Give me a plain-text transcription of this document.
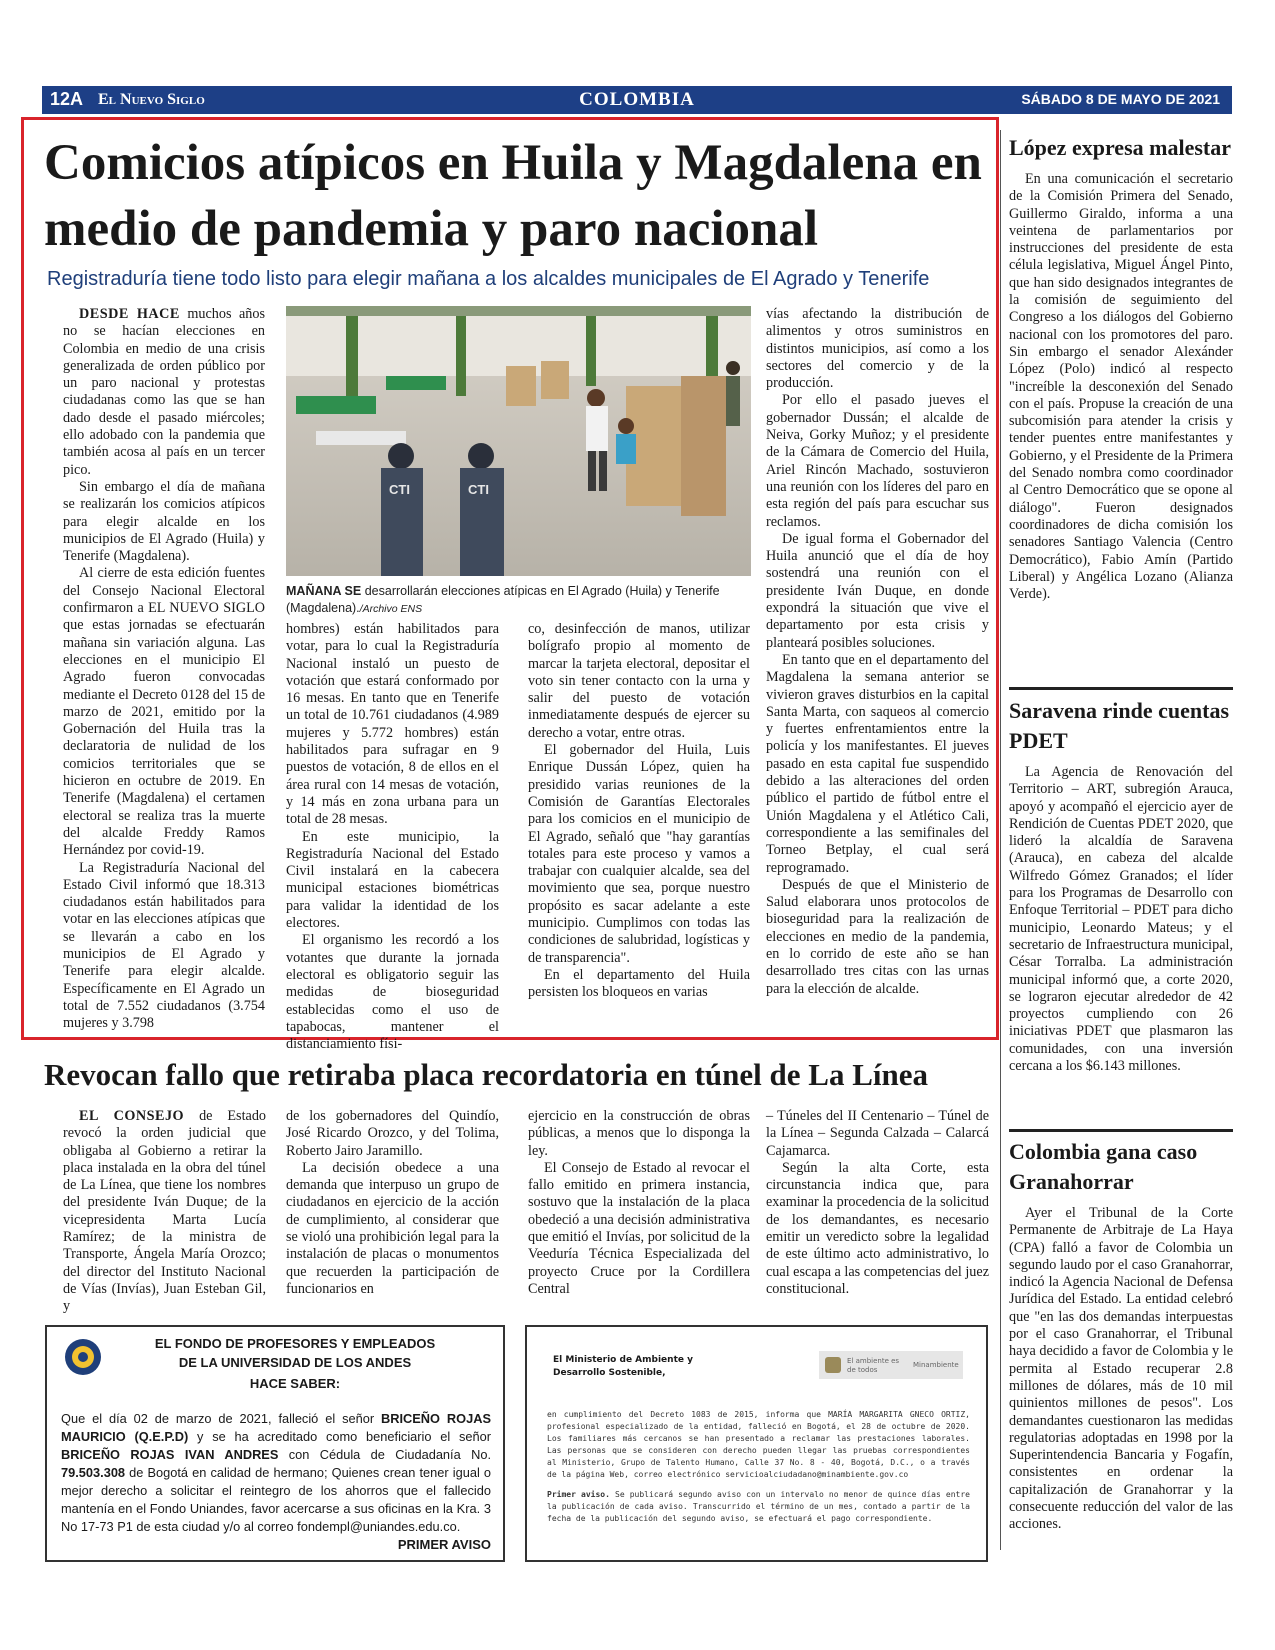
12A El Nuevo Siglo	COLOMBIA	SÁBADO 8 DE MAYO DE 2021
Comicios atípicos en Huila y Magdalena en medio de pandemia y paro nacional
Registraduría tiene todo listo para elegir mañana a los alcaldes municipales de El Agrado y Tenerife

DESDE HACE muchos años no se hacían elecciones en Colombia en medio de una crisis generalizada de orden público por un paro nacional y protestas ciudadanas como las que se han dado desde el pasado miércoles; ello adobado con la pandemia que también acosa al país en un tercer pico.

Sin embargo el día de mañana se realizarán los comicios atípicos para elegir alcalde en los municipios de El Agrado (Huila) y Tenerife (Magdalena).

Al cierre de esta edición fuentes del Consejo Nacional Electoral confirmaron a EL NUEVO SIGLO que estas jornadas se efectuarán mañana sin variación alguna. Las elecciones en el municipio El Agrado fueron convocadas mediante el Decreto 0128 del 15 de marzo de 2021, emitido por la Gobernación del Huila tras la declaratoria de nulidad de los comicios territoriales que se hicieron en octubre de 2019. En Tenerife (Magdalena) el certamen electoral se realiza tras la muerte del alcalde Freddy Ramos Hernández por covid-19.

La Registraduría Nacional del Estado Civil informó que 18.313 ciudadanos están habilitados para votar en las elecciones atípicas que se llevarán a cabo en los municipios de El Agrado y Tenerife para elegir alcalde. Específicamente en El Agrado un total de 7.552 ciudadanos (3.754 mujeres y 3.798

CTI	CTI
MAÑANA SE desarrollarán elecciones atípicas en El Agrado (Huila) y Tenerife (Magdalena)./Archivo ENS

hombres) están habilitados para votar, para lo cual la Registraduría Nacional instaló un puesto de votación que estará conformado por 16 mesas. En tanto que en Tenerife un total de 10.761 ciudadanos (4.989 mujeres y 5.772 hombres) están habilitados para sufragar en 9 puestos de votación, 8 de ellos en el área rural con 14 mesas de votación, y 14 más en zona urbana para un total de 28 mesas.

En este municipio, la Registraduría Nacional del Estado Civil instalará en la cabecera municipal estaciones biométricas para validar la identidad de los electores.

El organismo les recordó a los votantes que durante la jornada electoral es obligatorio seguir las medidas de bioseguridad establecidas como el uso de tapabocas, mantener el distanciamiento físi-

co, desinfección de manos, utilizar bolígrafo propio al momento de marcar la tarjeta electoral, depositar el voto sin tener contacto con la urna y salir del puesto de votación inmediatamente después de ejercer su derecho a votar, entre otras.

El gobernador del Huila, Luis Enrique Dussán López, quien ha presidido varias reuniones de la Comisión de Garantías Electorales para los comicios en el municipio de El Agrado, señaló que "hay garantías totales para este proceso y vamos a trabajar con cualquier alcalde, sea del movimiento que sea, porque nuestro propósito es sacar adelante a este municipio. Cumplimos con todas las condiciones de salubridad, logísticas y de transparencia".

En el departamento del Huila persisten los bloqueos en varias

vías afectando la distribución de alimentos y otros suministros en distintos municipios, así como a los sectores del comercio y de la producción.

Por ello el pasado jueves el gobernador Dussán; el alcalde de Neiva, Gorky Muñoz; y el presidente de la Cámara de Comercio del Huila, Ariel Rincón Machado, sostuvieron una reunión con los líderes del paro en esta región del país para escuchar sus reclamos.

De igual forma el Gobernador del Huila anunció que el día de hoy sostendrá una reunión con el presidente Iván Duque, en donde expondrá la situación que vive el departamento por esta crisis y planteará posibles soluciones.

En tanto que en el departamento del Magdalena la semana anterior se vivieron graves disturbios en la capital Santa Marta, con saqueos al comercio y fuertes enfrentamientos entre la policía y los manifestantes. El jueves pasado en esta capital fue suspendido debido a las alteraciones del orden público el partido de fútbol entre el Unión Magdalena y el Atlético Cali, correspondiente a las semifinales del Torneo Betplay, el cual será reprogramado.

Después de que el Ministerio de Salud elaborara unos protocolos de bioseguridad para la realización de elecciones en medio de la pandemia, en lo corrido de este año se han desarrollado tres citas con las urnas para la elección de alcalde.

López expresa malestar

En una comunicación el secretario de la Comisión Primera del Senado, Guillermo Giraldo, informa a una veintena de parlamentarios por instrucciones del presidente de esta célula legislativa, Miguel Ángel Pinto, que han sido designados integrantes de la comisión de seguimiento del Congreso a los diálogos del Gobierno nacional con los promotores del paro. Sin embargo el senador Alexánder López (Polo) indicó al respecto "increíble la desconexión del Senado con el país. Propuse la creación de una subcomisión para atender la crisis y tender puentes entre manifestantes y Gobierno, y el Presidente de la Primera del Senado nombra como coordinador al Centro Democrático que se opone al diálogo". Fueron designados coordinadores de dicha comisión los senadores Santiago Valencia (Centro Democrático), Fabio Amín (Partido Liberal) y Angélica Lozano (Alianza Verde).

Saravena rinde cuentas PDET

La Agencia de Renovación del Territorio – ART, subregión Arauca, apoyó y acompañó el ejercicio ayer de Rendición de Cuentas PDET 2020, que lideró la alcaldía de Saravena (Arauca), en cabeza del alcalde Wilfredo Gómez Granados; el líder para los Programas de Desarrollo con Enfoque Territorial – PDET para dicho municipio, Leonardo Mateus; y el secretario de Infraestructura municipal, César Torralba. La administración municipal informó que, a corte 2020, se lograron ejecutar alrededor de 42 proyectos cumpliendo con 26 iniciativas PDET que plasmaron las comunidades, con una inversión cercana a los $6.143 millones.

Colombia gana caso Granahorrar

Ayer el Tribunal de la Corte Permanente de Arbitraje de La Haya (CPA) falló a favor de Colombia un segundo laudo por el caso Granahorrar, indicó la Agencia Nacional de Defensa Jurídica del Estado. La entidad celebró que "en las dos demandas interpuestas por el caso Granahorrar, el Tribunal haya decidido a favor de Colombia y le permita al Estado recuperar 2.8 millones de dólares, más de 10 mil quinientos millones de pesos". Los demandantes cuestionaron las medidas regulatorias adoptadas en 1998 por la Superintendencia Bancaria y Fogafín, consistentes en ordenar la capitalización de Granahorrar y la consecuente reducción del valor de las acciones.

Revocan fallo que retiraba placa recordatoria en túnel de La Línea

EL CONSEJO de Estado revocó la orden judicial que obligaba al Gobierno a retirar la placa instalada en la obra del túnel de La Línea, que tiene los nombres del presidente Iván Duque; de la vicepresidenta Marta Lucía Ramírez; de la ministra de Transporte, Ángela María Orozco; del director del Instituto Nacional de Vías (Invías), Juan Esteban Gil, y

de los gobernadores del Quindío, José Ricardo Orozco, y del Tolima, Roberto Jairo Jaramillo.

La decisión obedece a una demanda que interpuso un grupo de ciudadanos en ejercicio de la acción de cumplimiento, al considerar que se violó una prohibición legal para la instalación de placas o monumentos que recuerden la participación de funcionarios en

ejercicio en la construcción de obras públicas, a menos que lo disponga la ley.

El Consejo de Estado al revocar el fallo emitido en primera instancia, sostuvo que la instalación de la placa obedeció a una decisión administrativa que emitió el Invías, por solicitud de la Veeduría Técnica Especializada del proyecto Cruce por la Cordillera Central

– Túneles del II Centenario – Túnel de la Línea – Segunda Calzada – Calarcá Cajamarca.

Según la alta Corte, esta circunstancia indica que, para examinar la procedencia de la solicitud de los demandantes, es necesario emitir un veredicto sobre la legalidad de este último acto administrativo, lo cual escapa a las competencias del juez constitucional.

EL FONDO DE PROFESORES Y EMPLEADOS
DE LA UNIVERSIDAD DE LOS ANDES
HACE SABER:
Que el día 02 de marzo de 2021, falleció el señor BRICEÑO ROJAS MAURICIO (Q.E.P.D) y se ha acreditado como beneficiario el señor BRICEÑO ROJAS IVAN ANDRES con Cédula de Ciudadanía No. 79.503.308 de Bogotá en calidad de hermano; Quienes crean tener igual o mejor derecho a solicitar el reintegro de los ahorros que el fallecido mantenía en el Fondo Uniandes, favor acercarse a sus oficinas en la Kra. 3 No 17-73 P1 de esta ciudad y/o al correo fondempl@uniandes.edu.co.
PRIMER AVISO
El Ministerio de Ambiente y Desarrollo Sostenible,
El ambiente es de todos
Minambiente
en cumplimiento del Decreto 1083 de 2015, informa que MARÍA MARGARITA GNECO ORTIZ, profesional especializado de la entidad, falleció en Bogotá, el 28 de octubre de 2020. Los familiares más cercanos se han presentado a reclamar las prestaciones laborales. Las personas que se consideren con derecho pueden llegar las pruebas correspondientes al Ministerio, Grupo de Talento Humano, Calle 37 No. 8 - 40, Bogotá, D.C., o a través de la página Web, correo electrónico servicioalciudadano@minambiente.gov.co
Primer aviso. Se publicará segundo aviso con un intervalo no menor de quince días entre la publicación de cada aviso. Transcurrido el término de un mes, contado a partir de la fecha de la publicación del segundo aviso, se efectuará el pago correspondiente.
